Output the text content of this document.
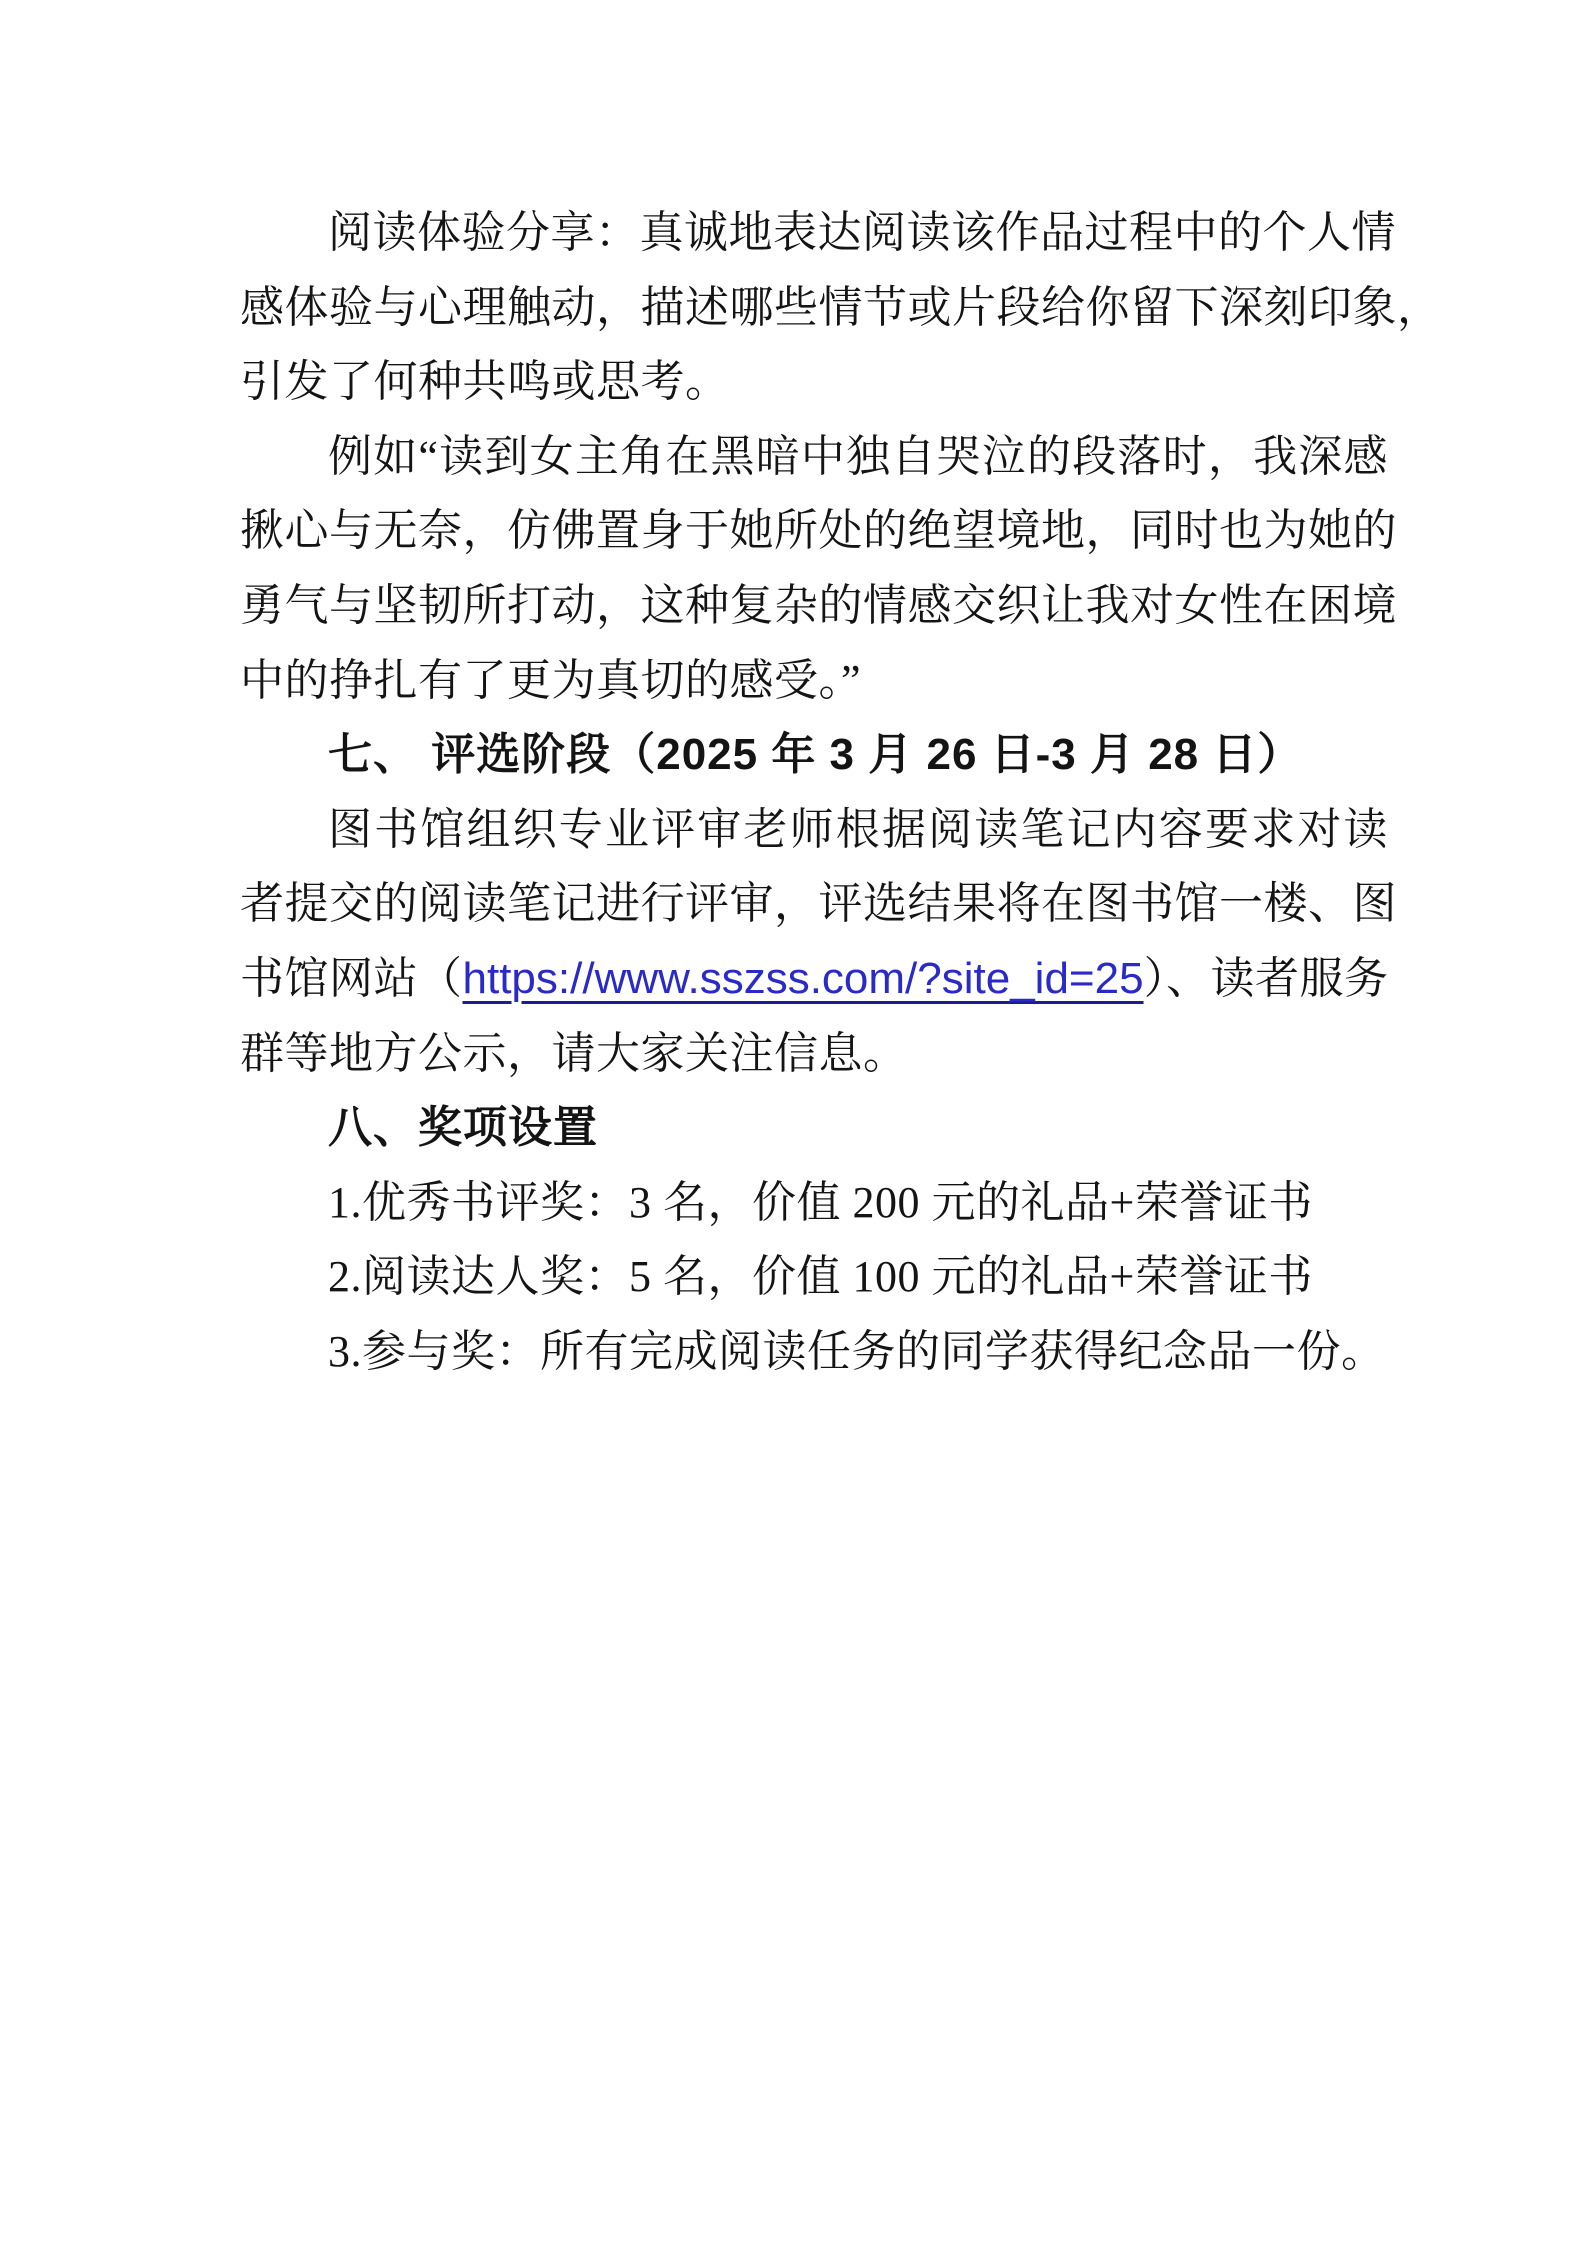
阅读体验分享：真诚地表达阅读该作品过程中的个人情
感体验与心理触动，描述哪些情节或片段给你留下深刻印象，
引发了何种共鸣或思考。
例如“读到女主角在黑暗中独自哭泣的段落时，我深感
揪心与无奈，仿佛置身于她所处的绝望境地，同时也为她的
勇气与坚韧所打动，这种复杂的情感交织让我对女性在困境
中的挣扎有了更为真切的感受。”
七、 评选阶段（2025 年 3 月 26 日-3 月 28 日）
图书馆组织专业评审老师根据阅读笔记内容要求对读
者提交的阅读笔记进行评审，评选结果将在图书馆一楼、图
书馆网站（https://www.sszss.com/?site_id=25）、读者服务
群等地方公示，请大家关注信息。
八、奖项设置
1.优秀书评奖：3 名，价值 200 元的礼品+荣誉证书
2.阅读达人奖：5 名，价值 100 元的礼品+荣誉证书
3.参与奖：所有完成阅读任务的同学获得纪念品一份。
